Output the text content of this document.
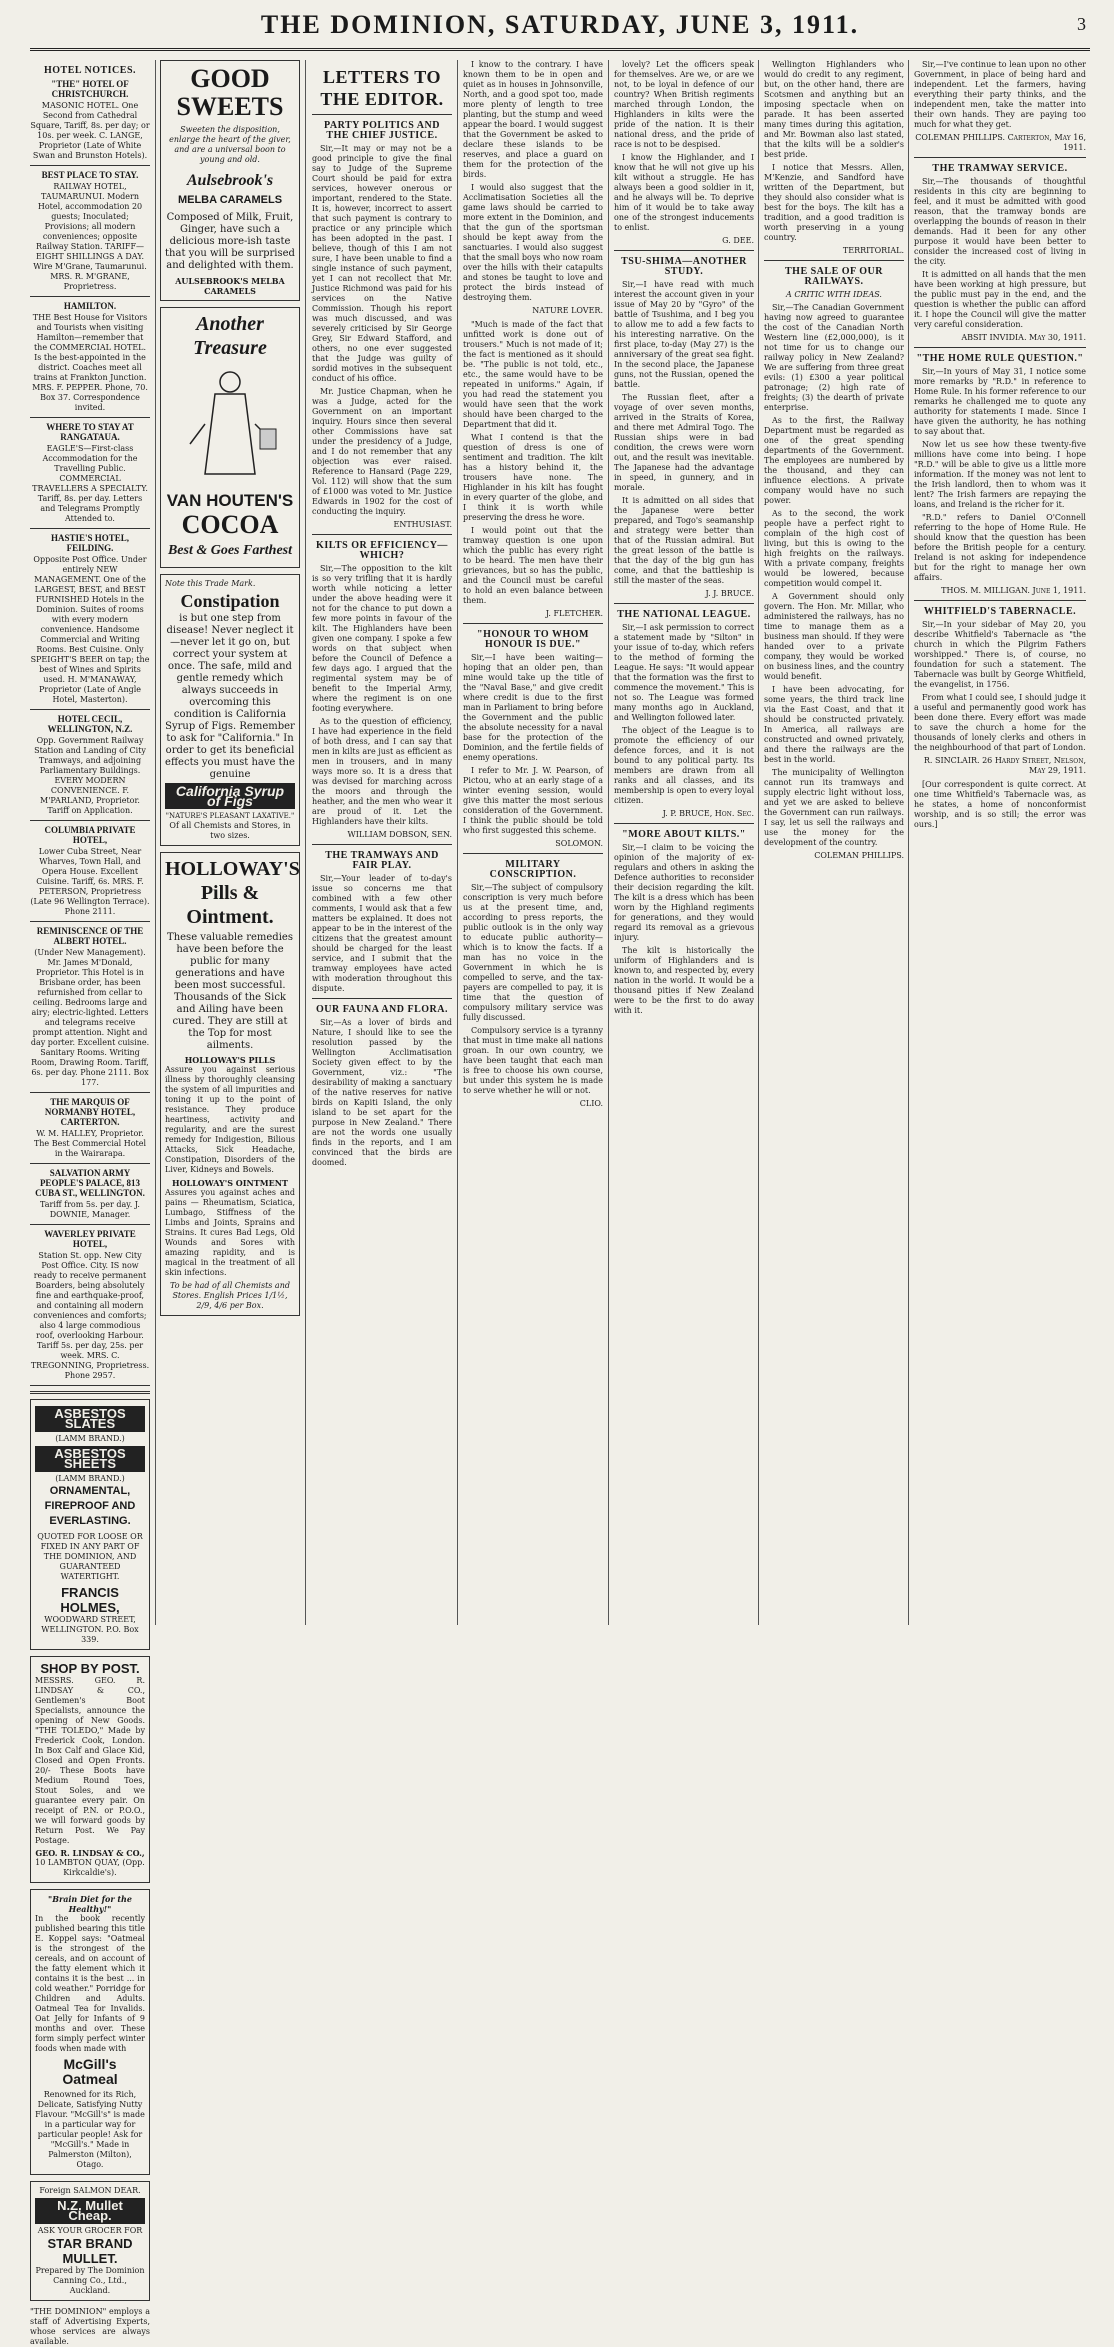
THE DOMINION, SATURDAY, JUNE 3, 1911.	3
HOTEL NOTICES.

"THE" HOTEL OF CHRISTCHURCH.

MASONIC HOTEL. One Second from Cathedral Square, Tariff, 8s. per day; or 10s. per week. C. LANGE, Proprietor (Late of White Swan and Brunston Hotels).

BEST PLACE TO STAY.

RAILWAY HOTEL, TAUMARUNUI. Modern Hotel, accommodation 20 guests; Inoculated; Provisions; all modern conveniences; opposite Railway Station. TARIFF—EIGHT SHILLINGS A DAY. Wire M'Grane, Taumarunui. MRS. R. M'GRANE, Proprietress.

HAMILTON.

THE Best House for Visitors and Tourists when visiting Hamilton—remember that the COMMERCIAL HOTEL. Is the best-appointed in the district. Coaches meet all trains at Frankton Junction. MRS. F. PEPPER. Phone, 70. Box 37. Correspondence invited.

WHERE TO STAY AT RANGATAUA.

EAGLE'S—First-class Accommodation for the Travelling Public. COMMERCIAL TRAVELLERS A SPECIALTY. Tariff, 8s. per day. Letters and Telegrams Promptly Attended to.

HASTIE'S HOTEL, FEILDING.

Opposite Post Office. Under entirely NEW MANAGEMENT. One of the LARGEST, BEST, and BEST FURNISHED Hotels in the Dominion. Suites of rooms with every modern convenience. Handsome Commercial and Writing Rooms. Best Cuisine. Only SPEIGHT'S BEER on tap; the best of Wines and Spirits used. H. M'MANAWAY, Proprietor (Late of Angle Hotel, Masterton).

HOTEL CECIL, WELLINGTON, N.Z.

Opp. Government Railway Station and Landing of City Tramways, and adjoining Parliamentary Buildings. EVERY MODERN CONVENIENCE. F. M'PARLAND, Proprietor. Tariff on Application.

COLUMBIA PRIVATE HOTEL,

Lower Cuba Street, Near Wharves, Town Hall, and Opera House. Excellent Cuisine. Tariff, 6s. MRS. F. PETERSON, Proprietress (Late 96 Wellington Terrace). Phone 2111.

REMINISCENCE OF THE ALBERT HOTEL.

(Under New Management). Mr. James M'Donald, Proprietor. This Hotel is in Brisbane order, has been refurnished from cellar to ceiling. Bedrooms large and airy; electric-lighted. Letters and telegrams receive prompt attention. Night and day porter. Excellent cuisine. Sanitary Rooms. Writing Room, Drawing Room. Tariff, 6s. per day. Phone 2111. Box 177.

THE MARQUIS OF NORMANBY HOTEL, CARTERTON.

W. M. HALLEY, Proprietor. The Best Commercial Hotel in the Wairarapa.

SALVATION ARMY PEOPLE'S PALACE, 813 CUBA ST., WELLINGTON.

Tariff from 5s. per day. J. DOWNIE, Manager.

WAVERLEY PRIVATE HOTEL,

Station St. opp. New City Post Office. City. IS now ready to receive permanent Boarders, being absolutely fine and earthquake-proof, and containing all modern conveniences and comforts; also 4 large commodious roof, overlooking Harbour. Tariff 5s. per day, 25s. per week. MRS. C. TREGONNING, Proprietress. Phone 2957.

ASBESTOS SLATES
(LAMM BRAND.)
ASBESTOS SHEETS
(LAMM BRAND.)
ORNAMENTAL, FIREPROOF AND EVERLASTING.
QUOTED FOR LOOSE OR FIXED IN ANY PART OF THE DOMINION, AND GUARANTEED WATERTIGHT.
FRANCIS HOLMES,
WOODWARD STREET, WELLINGTON. P.O. Box 339.
SHOP BY POST.
MESSRS. GEO. R. LINDSAY & CO., Gentlemen's Boot Specialists, announce the opening of New Goods. "THE TOLEDO," Made by Frederick Cook, London. In Box Calf and Glace Kid, Closed and Open Fronts. 20/- These Boots have Medium Round Toes, Stout Soles, and we guarantee every pair. On receipt of P.N. or P.O.O., we will forward goods by Return Post. We Pay Postage.
GEO. R. LINDSAY & CO.,
10 LAMBTON QUAY, (Opp. Kirkcaldie's).
"Brain Diet for the Healthy!"
In the book recently published bearing this title E. Koppel says: "Oatmeal is the strongest of the cereals, and on account of the fatty element which it contains it is the best ... in cold weather." Porridge for Children and Adults. Oatmeal Tea for Invalids. Oat Jelly for Infants of 9 months and over. These form simply perfect winter foods when made with
McGill's Oatmeal
Renowned for its Rich, Delicate, Satisfying Nutty Flavour. "McGill's" is made in a particular way for particular people! Ask for "McGill's." Made in Palmerston (Milton), Otago.
Foreign SALMON DEAR.
N.Z. Mullet Cheap.
ASK YOUR GROCER FOR
STAR BRAND MULLET.
Prepared by The Dominion Canning Co., Ltd., Auckland.
"THE DOMINION" employs a staff of Advertising Experts, whose services are always available.
GOOD
SWEETS
Sweeten the disposition, enlarge the heart of the giver, and are a universal boon to young and old.
Aulsebrook's
MELBA CARAMELS
Composed of Milk, Fruit, Ginger, have such a delicious more-ish taste that you will be surprised and delighted with them.
AULSEBROOK'S MELBA CARAMELS
Another
Treasure
VAN HOUTEN'S
COCOA
Best & Goes Farthest
Note this Trade Mark.
Constipation
is but one step from disease! Never neglect it —never let it go on, but correct your system at once. The safe, mild and gentle remedy which always succeeds in overcoming this condition is California Syrup of Figs. Remember to ask for "California." In order to get its beneficial effects you must have the genuine
California Syrup of Figs
"NATURE'S PLEASANT LAXATIVE."
Of all Chemists and Stores, in two sizes.
HOLLOWAY'S Pills & Ointment.
These valuable remedies have been before the public for many generations and have been most successful. Thousands of the Sick and Ailing have been cured. They are still at the Top for most ailments.
HOLLOWAY'S PILLS
Assure you against serious illness by thoroughly cleansing the system of all impurities and toning it up to the point of resistance. They produce heartiness, activity and regularity, and are the surest remedy for Indigestion, Bilious Attacks, Sick Headache, Constipation, Disorders of the Liver, Kidneys and Bowels.
HOLLOWAY'S OINTMENT
Assures you against aches and pains — Rheumatism, Sciatica, Lumbago, Stiffness of the Limbs and Joints, Sprains and Strains. It cures Bad Legs, Old Wounds and Sores with amazing rapidity, and is magical in the treatment of all skin infections.
To be had of all Chemists and Stores. English Prices 1/1½, 2/9, 4/6 per Box.
LETTERS TO THE EDITOR.
PARTY POLITICS AND THE CHIEF JUSTICE.

Sir,—It may or may not be a good principle to give the final say to Judge of the Supreme Court should be paid for extra services, however onerous or important, rendered to the State. It is, however, incorrect to assert that such payment is contrary to practice or any principle which has been adopted in the past. I believe, though of this I am not sure, I have been unable to find a single instance of such payment, yet I can not recollect that Mr. Justice Richmond was paid for his services on the Native Commission. Though his report was much discussed, and was severely criticised by Sir George Grey, Sir Edward Stafford, and others, no one ever suggested that the Judge was guilty of sordid motives in the subsequent conduct of his office.

Mr. Justice Chapman, when he was a Judge, acted for the Government on an important inquiry. Hours since then several other Commissions have sat under the presidency of a Judge, and I do not remember that any objection was ever raised. Reference to Hansard (Page 229, Vol. 112) will show that the sum of £1000 was voted to Mr. Justice Edwards in 1902 for the cost of conducting the inquiry.

ENTHUSIAST.
KILTS OR EFFICIENCY—WHICH?

Sir,—The opposition to the kilt is so very trifling that it is hardly worth while noticing a letter under the above heading were it not for the chance to put down a few more points in favour of the kilt. The Highlanders have been given one company. I spoke a few words on that subject when before the Council of Defence a few days ago. I argued that the regimental system may be of benefit to the Imperial Army, where the regiment is on one footing everywhere.

As to the question of efficiency, I have had experience in the field of both dress, and I can say that men in kilts are just as efficient as men in trousers, and in many ways more so. It is a dress that was devised for marching across the moors and through the heather, and the men who wear it are proud of it. Let the Highlanders have their kilts.

WILLIAM DOBSON, SEN.
THE TRAMWAYS AND FAIR PLAY.

Sir,—Your leader of to-day's issue so concerns me that combined with a few other comments, I would ask that a few matters be explained. It does not appear to be in the interest of the citizens that the greatest amount should be charged for the least service, and I submit that the tramway employees have acted with moderation throughout this dispute.

OUR FAUNA AND FLORA.

Sir,—As a lover of birds and Nature, I should like to see the resolution passed by the Wellington Acclimatisation Society given effect to by the Government, viz.: "The desirability of making a sanctuary of the native reserves for native birds on Kapiti Island, the only island to be set apart for the purpose in New Zealand." There are not the words one usually finds in the reports, and I am convinced that the birds are doomed.

I know to the contrary. I have known them to be in open and quiet as in houses in Johnsonville, North, and a good spot too, made more plenty of length to tree planting, but the stump and weed appear the board. I would suggest that the Government be asked to declare these islands to be reserves, and place a guard on them for the protection of the birds.

I would also suggest that the Acclimatisation Societies all the game laws should be carried to more extent in the Dominion, and that the gun of the sportsman should be kept away from the sanctuaries. I would also suggest that the small boys who now roam over the hills with their catapults and stones be taught to love and protect the birds instead of destroying them.

NATURE LOVER.

"Much is made of the fact that unfitted work is done out of trousers." Much is not made of it; the fact is mentioned as it should be. "The public is not told, etc., etc., the same would have to be repeated in uniforms." Again, if you had read the statement you would have seen that the work should have been charged to the Department that did it.

What I contend is that the question of dress is one of sentiment and tradition. The kilt has a history behind it, the trousers have none. The Highlander in his kilt has fought in every quarter of the globe, and I think it is worth while preserving the dress he wore.

I would point out that the tramway question is one upon which the public has every right to be heard. The men have their grievances, but so has the public, and the Council must be careful to hold an even balance between them.

J. FLETCHER.
"HONOUR TO WHOM HONOUR IS DUE."

Sir,—I have been waiting—hoping that an older pen, than mine would take up the title of the "Naval Base," and give credit where credit is due to the first man in Parliament to bring before the Government and the public the absolute necessity for a naval base for the protection of the Dominion, and the fertile fields of enemy operations.

I refer to Mr. J. W. Pearson, of Pictou, who at an early stage of a winter evening session, would give this matter the most serious consideration of the Government. I think the public should be told who first suggested this scheme.

SOLOMON.
MILITARY CONSCRIPTION.

Sir,—The subject of compulsory conscription is very much before us at the present time, and, according to press reports, the public outlook is in the only way to educate public authority—which is to know the facts. If a man has no voice in the Government in which he is compelled to serve, and the tax-payers are compelled to pay, it is time that the question of compulsory military service was fully discussed.

Compulsory service is a tyranny that must in time make all nations groan. In our own country, we have been taught that each man is free to choose his own course, but under this system he is made to serve whether he will or not.

CLIO.

lovely? Let the officers speak for themselves. Are we, or are we not, to be loyal in defence of our country? When British regiments marched through London, the Highlanders in kilts were the pride of the nation. It is their national dress, and the pride of race is not to be despised.

I know the Highlander, and I know that he will not give up his kilt without a struggle. He has always been a good soldier in it, and he always will be. To deprive him of it would be to take away one of the strongest inducements to enlist.

G. DEE.
TSU-SHIMA—ANOTHER STUDY.

Sir,—I have read with much interest the account given in your issue of May 20 by "Gyro" of the battle of Tsushima, and I beg you to allow me to add a few facts to his interesting narrative. On the first place, to-day (May 27) is the anniversary of the great sea fight. In the second place, the Japanese guns, not the Russian, opened the battle.

The Russian fleet, after a voyage of over seven months, arrived in the Straits of Korea, and there met Admiral Togo. The Russian ships were in bad condition, the crews were worn out, and the result was inevitable. The Japanese had the advantage in speed, in gunnery, and in morale.

It is admitted on all sides that the Japanese were better prepared, and Togo's seamanship and strategy were better than that of the Russian admiral. But the great lesson of the battle is that the day of the big gun has come, and that the battleship is still the master of the seas.

J. J. BRUCE.
THE NATIONAL LEAGUE.

Sir,—I ask permission to correct a statement made by "Silton" in your issue of to-day, which refers to the method of forming the League. He says: "It would appear that the formation was the first to commence the movement." This is not so. The League was formed many months ago in Auckland, and Wellington followed later.

The object of the League is to promote the efficiency of our defence forces, and it is not bound to any political party. Its members are drawn from all ranks and all classes, and its membership is open to every loyal citizen.

J. P. BRUCE, Hon. Sec.
"MORE ABOUT KILTS."

Sir,—I claim to be voicing the opinion of the majority of ex-regulars and others in asking the Defence authorities to reconsider their decision regarding the kilt. The kilt is a dress which has been worn by the Highland regiments for generations, and they would regard its removal as a grievous injury.

The kilt is historically the uniform of Highlanders and is known to, and respected by, every nation in the world. It would be a thousand pities if New Zealand were to be the first to do away with it.

Wellington Highlanders who would do credit to any regiment, but, on the other hand, there are Scotsmen and anything but an imposing spectacle when on parade. It has been asserted many times during this agitation, and Mr. Bowman also last stated, that the kilts will be a soldier's best pride.

I notice that Messrs. Allen, M'Kenzie, and Sandford have written of the Department, but they should also consider what is best for the boys. The kilt has a tradition, and a good tradition is worth preserving in a young country.

TERRITORIAL.
THE SALE OF OUR RAILWAYS.
A CRITIC WITH IDEAS.

Sir,—The Canadian Government having now agreed to guarantee the cost of the Canadian North Western line (£2,000,000), is it not time for us to change our railway policy in New Zealand? We are suffering from three great evils: (1) £300 a year political patronage; (2) high rate of freights; (3) the dearth of private enterprise.

As to the first, the Railway Department must be regarded as one of the great spending departments of the Government. The employees are numbered by the thousand, and they can influence elections. A private company would have no such power.

As to the second, the work people have a perfect right to complain of the high cost of living, but this is owing to the high freights on the railways. With a private company, freights would be lowered, because competition would compel it.

A Government should only govern. The Hon. Mr. Millar, who administered the railways, has no time to manage them as a business man should. If they were handed over to a private company, they would be worked on business lines, and the country would benefit.

I have been advocating, for some years, the third track line via the East Coast, and that it should be constructed privately. In America, all railways are constructed and owned privately, and there the railways are the best in the world.

The municipality of Wellington cannot run its tramways and supply electric light without loss, and yet we are asked to believe the Government can run railways. I say, let us sell the railways and use the money for the development of the country.

COLEMAN PHILLIPS.

Sir,—I've continue to lean upon no other Government, in place of being hard and independent. Let the farmers, having everything their party thinks, and the independent men, take the matter into their own hands. They are paying too much for what they get.

COLEMAN PHILLIPS. Carterton, May 16, 1911.
THE TRAMWAY SERVICE.

Sir,—The thousands of thoughtful residents in this city are beginning to feel, and it must be admitted with good reason, that the tramway bonds are overlapping the bounds of reason in their demands. Had it been for any other purpose it would have been better to consider the increased cost of living in the city.

It is admitted on all hands that the men have been working at high pressure, but the public must pay in the end, and the question is whether the public can afford it. I hope the Council will give the matter very careful consideration.

ABSIT INVIDIA. May 30, 1911.
"THE HOME RULE QUESTION."

Sir,—In yours of May 31, I notice some more remarks by "R.D." in reference to Home Rule. In his former reference to our remarks he challenged me to quote any authority for statements I made. Since I have given the authority, he has nothing to say about that.

Now let us see how these twenty-five millions have come into being. I hope "R.D." will be able to give us a little more information. If the money was not lent to the Irish landlord, then to whom was it lent? The Irish farmers are repaying the loans, and Ireland is the richer for it.

"R.D." refers to Daniel O'Connell referring to the hope of Home Rule. He should know that the question has been before the British people for a century. Ireland is not asking for independence but for the right to manage her own affairs.

THOS. M. MILLIGAN. June 1, 1911.
WHITFIELD'S TABERNACLE.

Sir,—In your sidebar of May 20, you describe Whitfield's Tabernacle as "the church in which the Pilgrim Fathers worshipped." There is, of course, no foundation for such a statement. The Tabernacle was built by George Whitfield, the evangelist, in 1756.

From what I could see, I should judge it a useful and permanently good work has been done there. Every effort was made to save the church a home for the thousands of lonely clerks and others in the neighbourhood of that part of London.

R. SINCLAIR. 26 Hardy Street, Nelson, May 29, 1911.

[Our correspondent is quite correct. At one time Whitfield's Tabernacle was, as he states, a home of nonconformist worship, and is so still; the error was ours.]
